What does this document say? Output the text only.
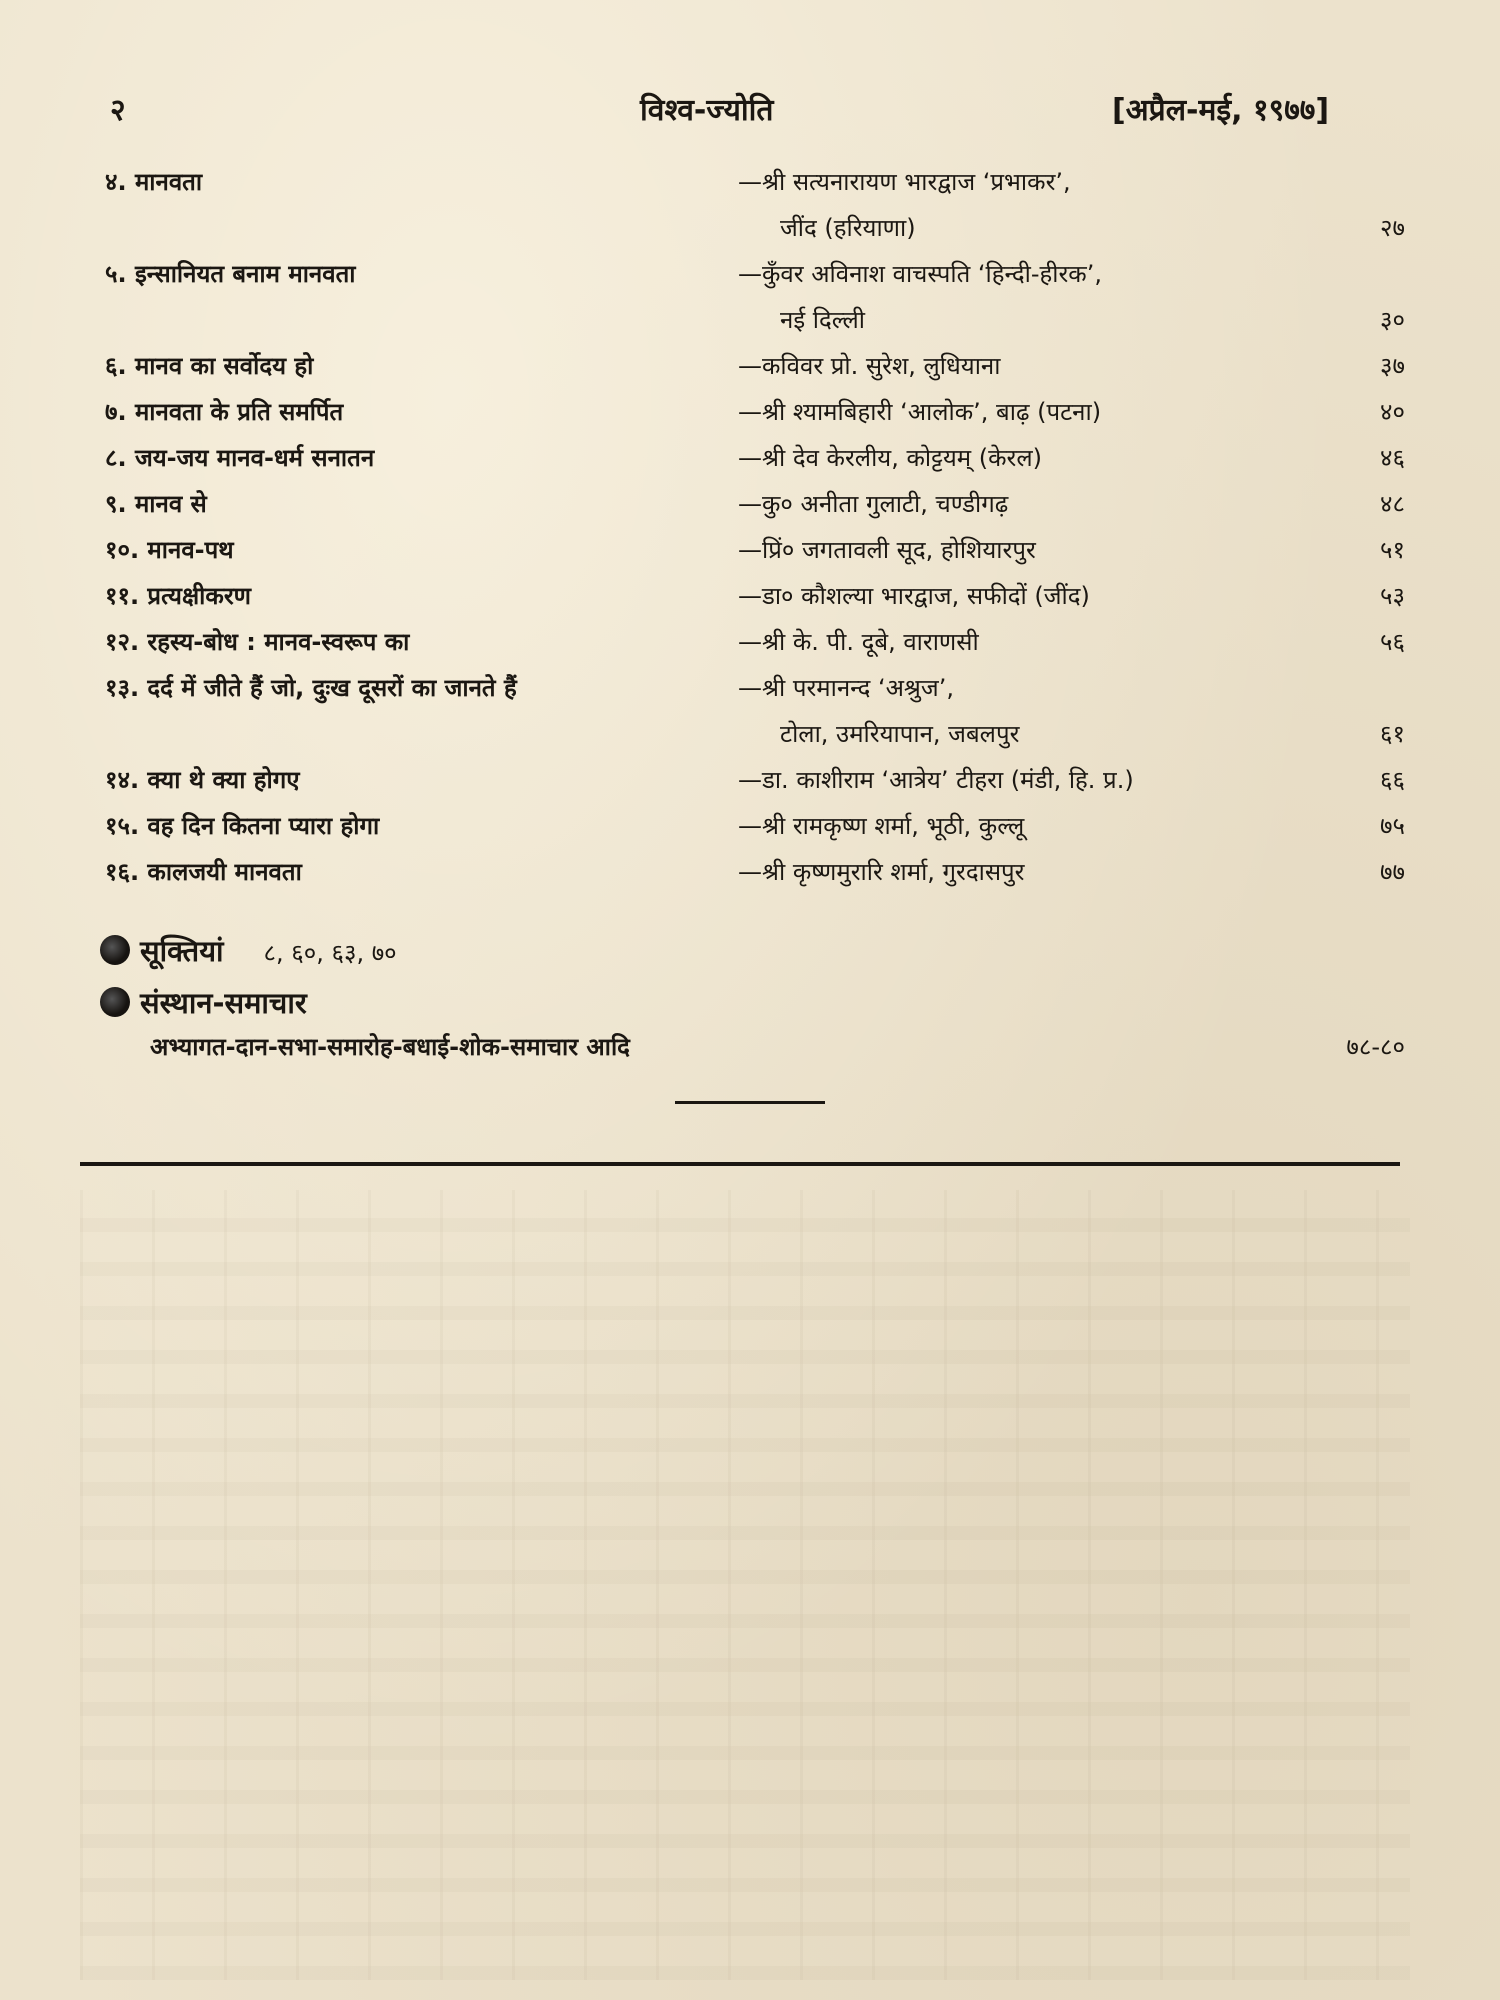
२	विश्व-ज्योति	[अप्रैल-मई, १९७७]
४. मानवता	—श्री सत्यनारायण भारद्वाज ‘प्रभाकर’,
जींद (हरियाणा)	२७
५. इन्सानियत बनाम मानवता	—कुँवर अविनाश वाचस्पति ‘हिन्दी-हीरक’,
नई दिल्ली	३०
६. मानव का सर्वोदय हो	—कविवर प्रो. सुरेश, लुधियाना	३७
७. मानवता के प्रति समर्पित	—श्री श्यामबिहारी ‘आलोक’, बाढ़ (पटना)	४०
८. जय-जय मानव-धर्म सनातन	—श्री देव केरलीय, कोट्टयम् (केरल)	४६
९. मानव से	—कु० अनीता गुलाटी, चण्डीगढ़	४८
१०. मानव-पथ	—प्रिं० जगतावली सूद, होशियारपुर	५१
११. प्रत्यक्षीकरण	—डा० कौशल्या भारद्वाज, सफीदों (जींद)	५३
१२. रहस्य-बोध : मानव-स्वरूप का	—श्री के. पी. दूबे, वाराणसी	५६
१३. दर्द में जीते हैं जो, दुःख दूसरों का जानते हैं	—श्री परमानन्द ‘अश्रुज’,
टोला, उमरियापान, जबलपुर	६१
१४. क्या थे क्या होगए	—डा. काशीराम ‘आत्रेय’ टीहरा (मंडी, हि. प्र.)	६६
१५. वह दिन कितना प्यारा होगा	—श्री रामकृष्ण शर्मा, भूठी, कुल्लू	७५
१६. कालजयी मानवता	—श्री कृष्णमुरारि शर्मा, गुरदासपुर	७७
सूक्तियां ८, ६०, ६३, ७०
संस्थान-समाचार
अभ्यागत-दान-सभा-समारोह-बधाई-शोक-समाचार आदि	७८-८०
